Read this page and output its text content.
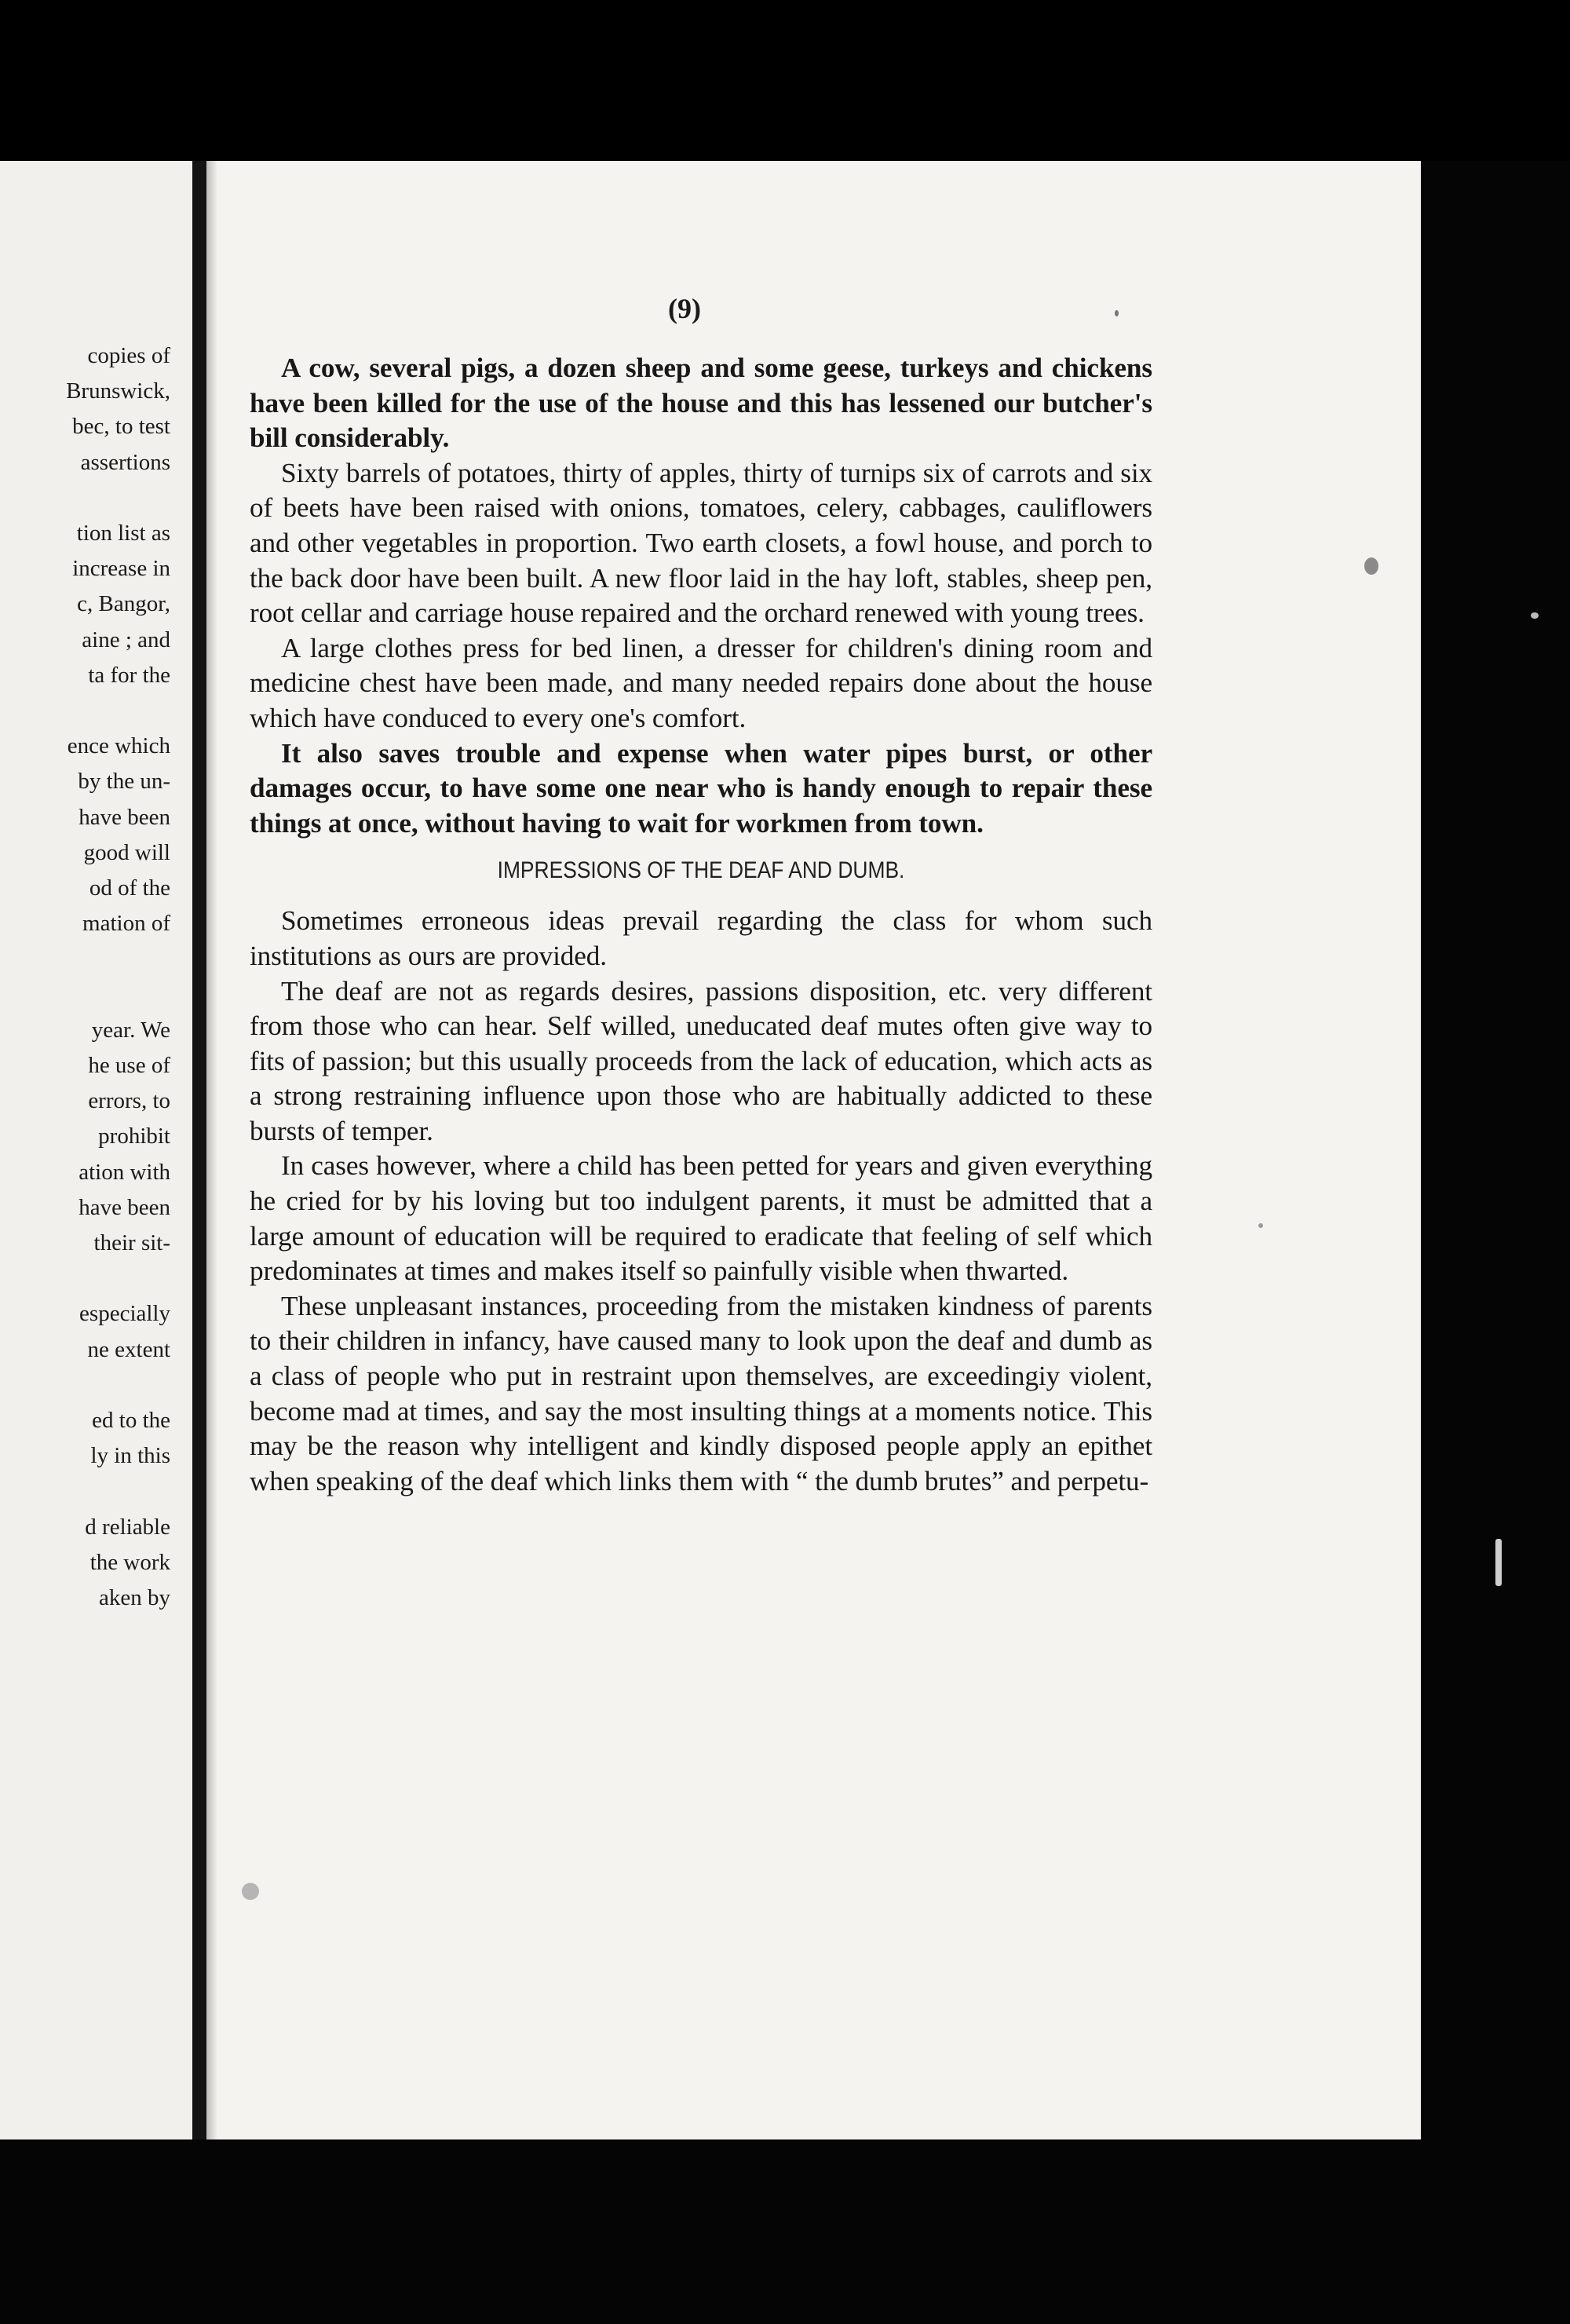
copies of
Brunswick,
bec, to test
assertions
tion list as
increase in
c, Bangor,
aine ; and
ta for the
ence which
by the un-
have been
good will
od of the
mation of
year. We
he use of
errors, to
prohibit
ation with
have been
their sit-
especially
ne extent
ed to the
ly in this
d reliable
the work
aken by
(9)

A cow, several pigs, a dozen sheep and some geese, turkeys and chickens have been killed for the use of the house and this has lessened our butcher's bill considerably.

Sixty barrels of potatoes, thirty of apples, thirty of turnips six of carrots and six of beets have been raised with onions, tomatoes, celery, cabbages, cauliflowers and other vegetables in proportion. Two earth closets, a fowl house, and porch to the back door have been built. A new floor laid in the hay loft, stables, sheep pen, root cellar and carriage house repaired and the orchard renewed with young trees.

A large clothes press for bed linen, a dresser for children's dining room and medicine chest have been made, and many needed repairs done about the house which have conduced to every one's comfort.

It also saves trouble and expense when water pipes burst, or other damages occur, to have some one near who is handy enough to repair these things at once, without having to wait for workmen from town.

IMPRESSIONS OF THE DEAF AND DUMB.

Sometimes erroneous ideas prevail regarding the class for whom such institutions as ours are provided.

The deaf are not as regards desires, passions disposition, etc. very different from those who can hear. Self willed, uneducated deaf mutes often give way to fits of passion; but this usually proceeds from the lack of education, which acts as a strong restraining influence upon those who are habitually addicted to these bursts of temper.

In cases however, where a child has been petted for years and given everything he cried for by his loving but too indulgent parents, it must be admitted that a large amount of education will be required to eradicate that feeling of self which predominates at times and makes itself so painfully visible when thwarted.

These unpleasant instances, proceeding from the mistaken kindness of parents to their children in infancy, have caused many to look upon the deaf and dumb as a class of people who put in restraint upon themselves, are exceedingiy violent, become mad at times, and say the most insulting things at a moments notice. This may be the reason why intelligent and kindly disposed people apply an epithet when speaking of the deaf which links them with “ the dumb brutes” and perpetu-
